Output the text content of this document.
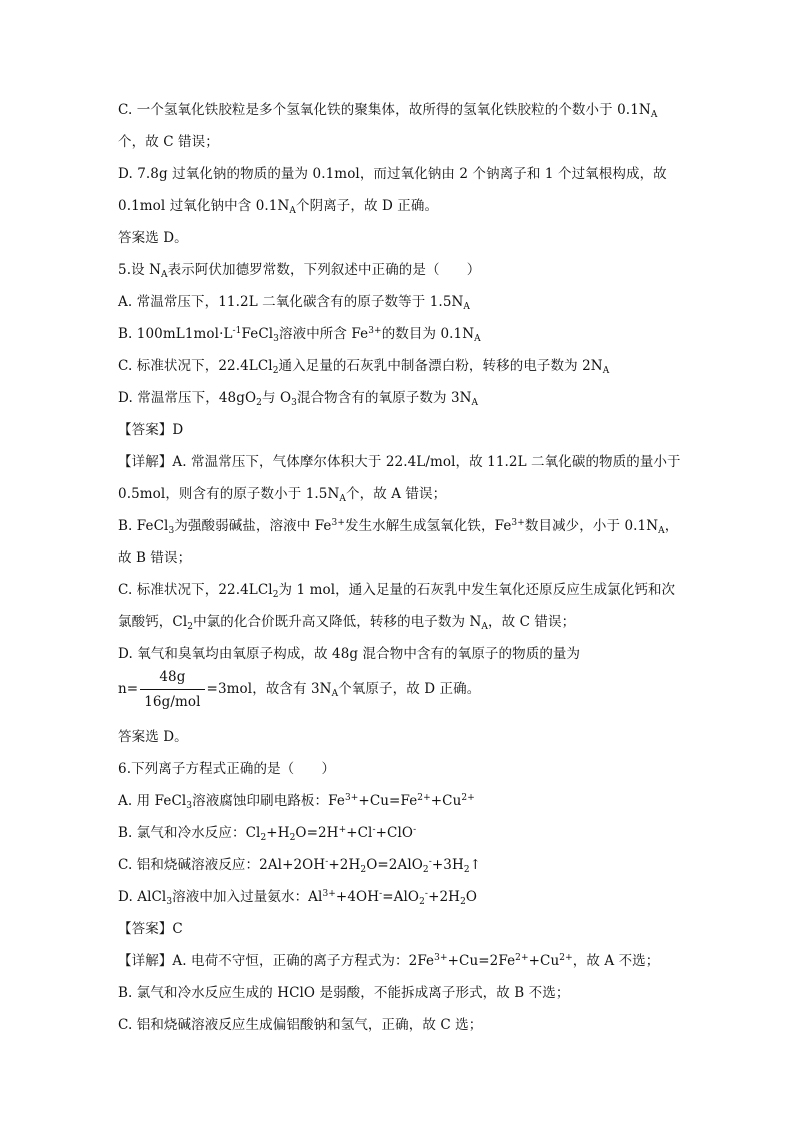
C. 一个氢氧化铁胶粒是多个氢氧化铁的聚集体，故所得的氢氧化铁胶粒的个数小于 $0.1N_A$
个，故 C 错误；
D. 7.8g 过氧化钠的物质的量为 0.1mol，而过氧化钠由 2 个钠离子和 1 个过氧根构成，故
0.1mol 过氧化钠中含 $0.1N_A$个阴离子，故 D 正确。
答案选 D。
5.设 $N_A$表示阿伏加德罗常数，下列叙述中正确的是（　　）
A. 常温常压下，11.2L 二氧化碳含有的原子数等于 $1.5N_A$
B. $100mL1mol\cdot L^{-1}FeCl_3$溶液中所含 $Fe^{3+}$的数目为 $0.1N_A$
C. 标准状况下，22.4LCl$_2$通入足量的石灰乳中制备漂白粉，转移的电子数为 $2N_A$
D. 常温常压下，$48gO_2$与 $O_3$混合物含有的氧原子数为 $3N_A$
【答案】D
【详解】A. 常温常压下，气体摩尔体积大于 22.4L/mol，故 11.2L 二氧化碳的物质的量小于
0.5mol，则含有的原子数小于 $1.5N_A$个，故 A 错误；
B. FeCl$_3$为强酸弱碱盐，溶液中 $Fe^{3+}$发生水解生成氢氧化铁，$Fe^{3+}$数目减少，小于 $0.1N_A$，
故 B 错误；
C. 标准状况下，22.4LCl$_2$为 1 mol，通入足量的石灰乳中发生氧化还原反应生成氯化钙和次
氯酸钙，$Cl_2$中氯的化合价既升高又降低，转移的电子数为 $N_A$，故 C 错误；
D. 氧气和臭氧均由氧原子构成，故 48g 混合物中含有的氧原子的物质的量为
$n= \frac{48g}{\text{16g/mol}} =3mol$，故含有 $3N_A$个氧原子，故 D 正确。
答案选 D。
6.下列离子方程式正确的是（　　）
A. 用 FeCl$_3$溶液腐蚀印刷电路板：$Fe^{3+}+Cu=Fe^{2+}+Cu^{2+}$
B. 氯气和冷水反应：$Cl_2+H_2O=2H^++Cl^-+ClO^-$
C. 铝和烧碱溶液反应：$2Al+2OH^-+2H_2O=2AlO_2^-+3H_2↑$
D. AlCl$_3$溶液中加入过量氨水：$Al^{3+}+4OH^-=AlO_2^-+2H_2O$
【答案】C
【详解】A. 电荷不守恒，正确的离子方程式为：$2Fe^{3+}+Cu=2Fe^{2+}+Cu^{2+}$，故 A 不选；
B. 氯气和冷水反应生成的 HClO 是弱酸，不能拆成离子形式，故 B 不选；
C. 铝和烧碱溶液反应生成偏铝酸钠和氢气，正确，故 C 选；
